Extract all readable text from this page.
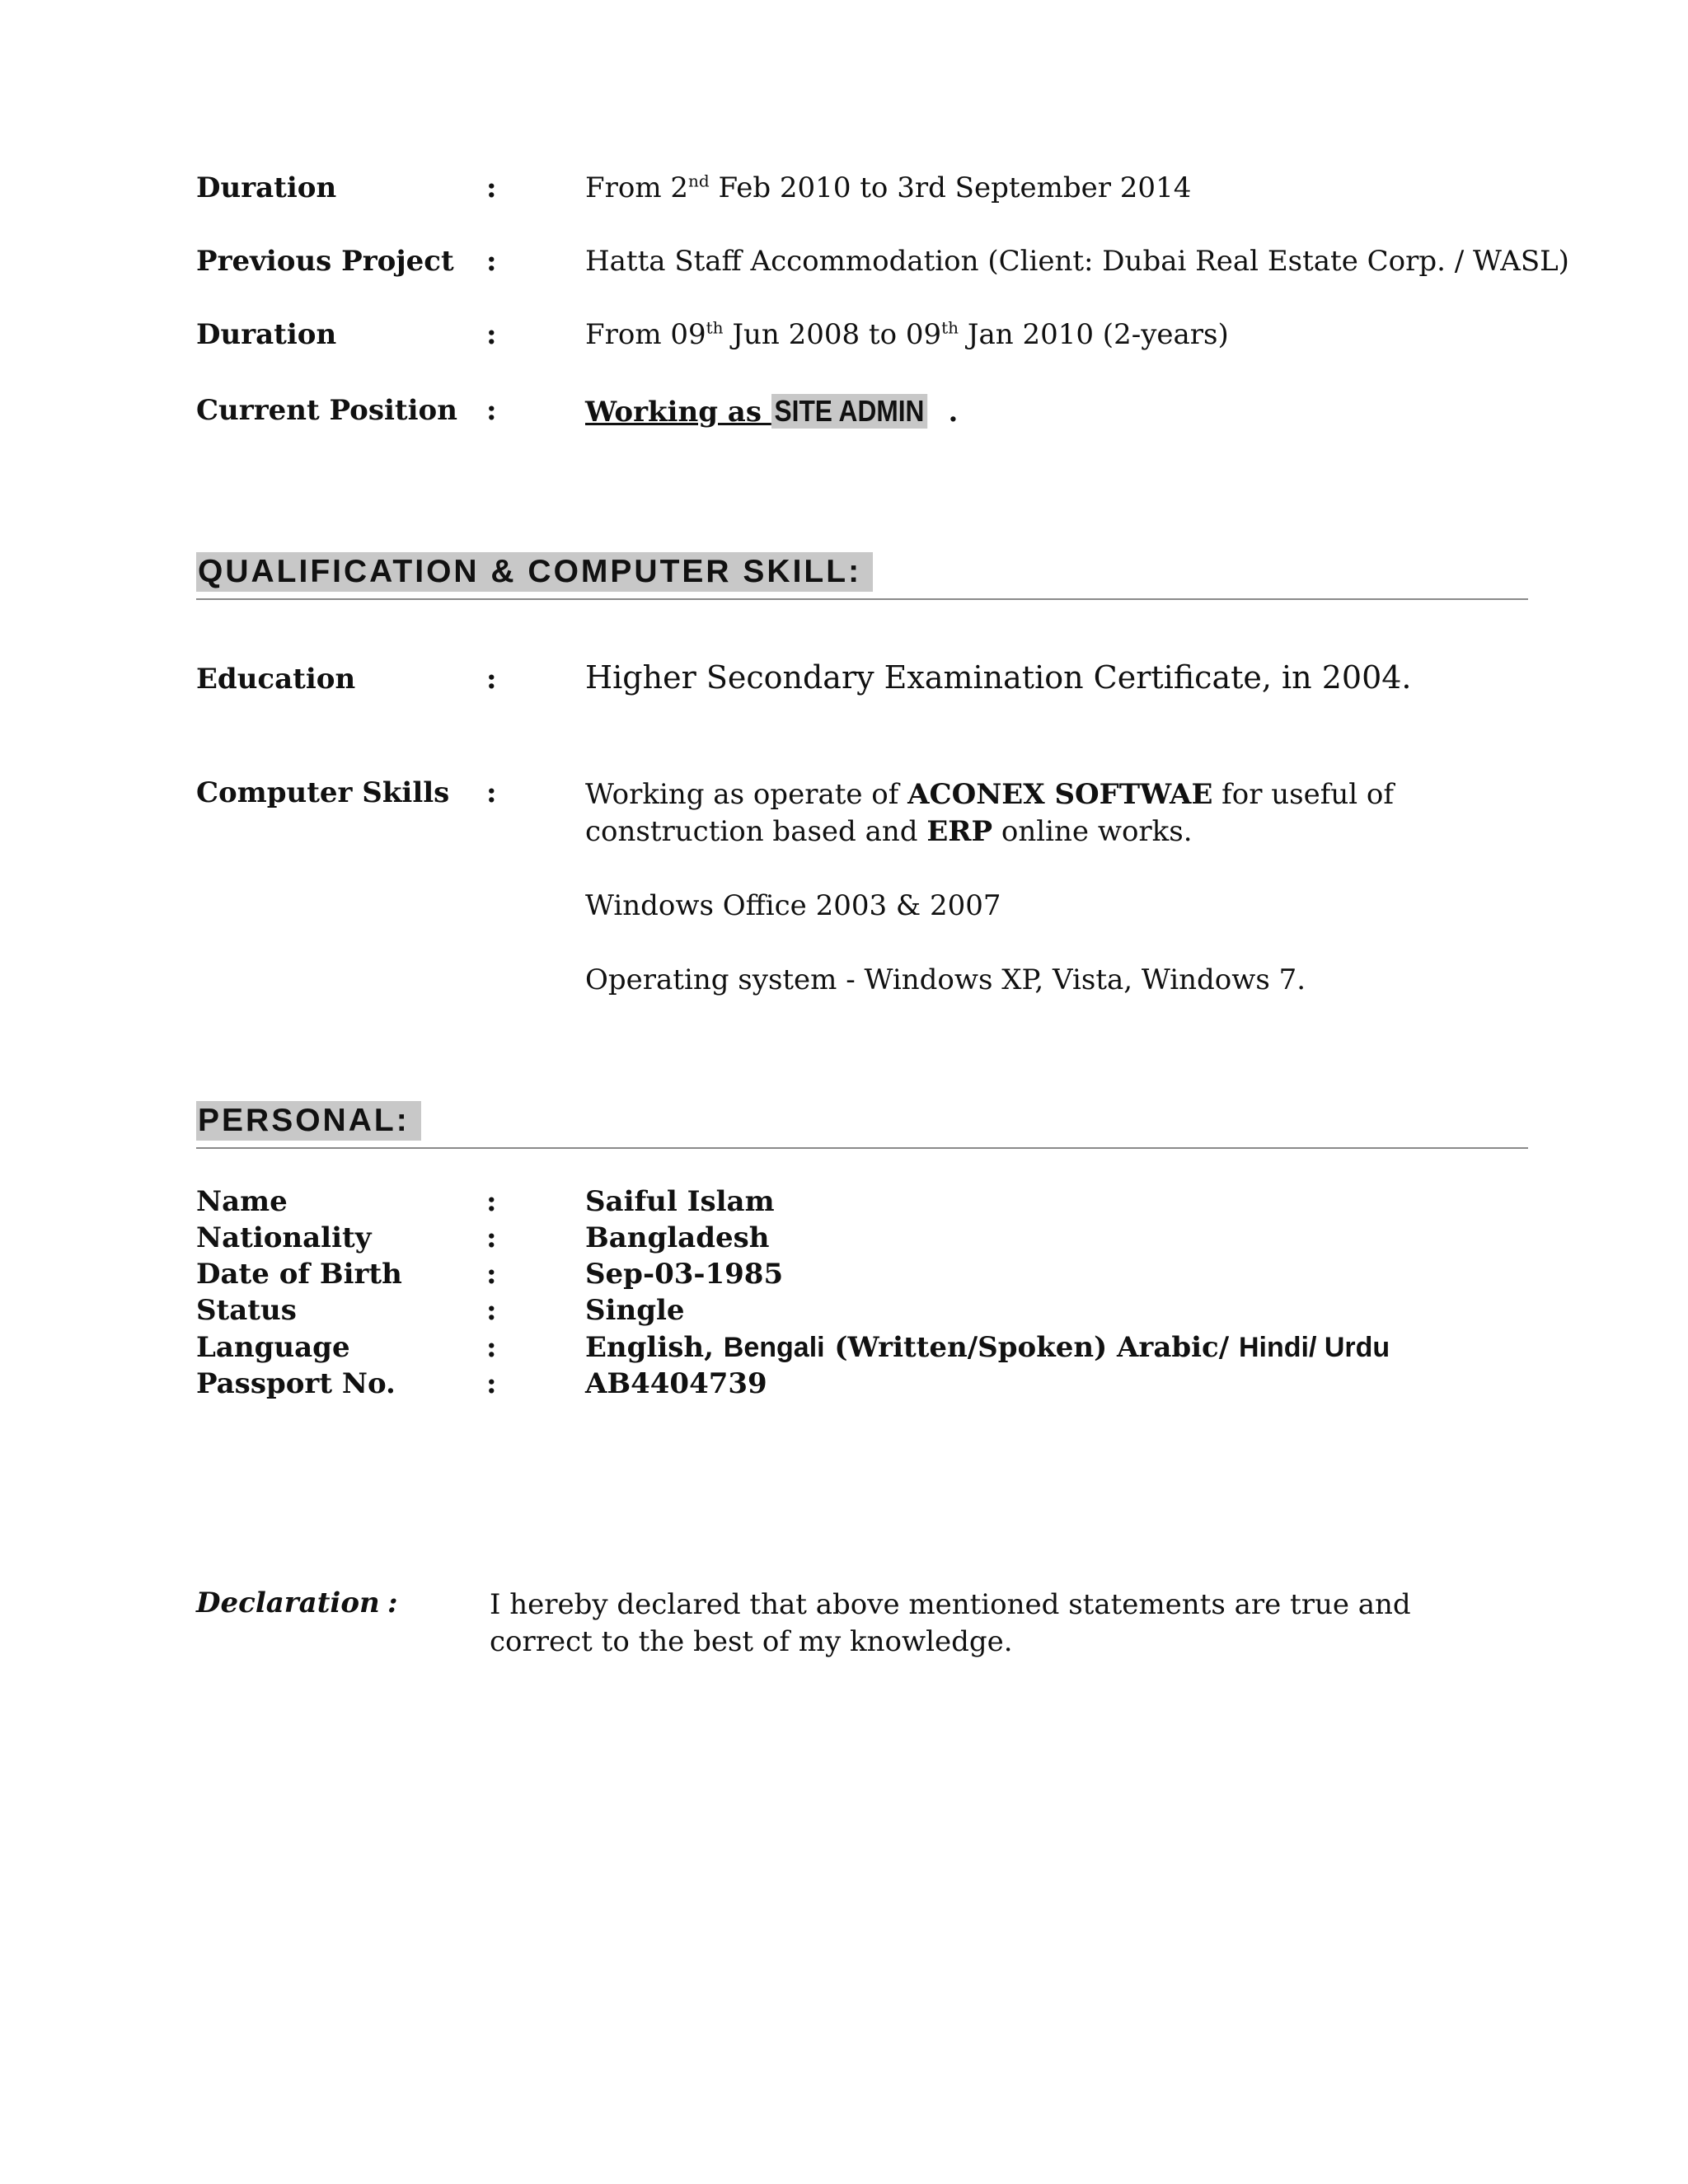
Duration	:	From 2nd Feb 2010 to 3rd September 2014
Previous Project :	Hatta Staff Accommodation (Client: Dubai Real Estate Corp. / WASL)
Duration	:	From 09th Jun 2008 to 09th Jan 2010 (2-years)
Current Position :	Working as SITE ADMIN .
QUALIFICATION & COMPUTER SKILL:
Education	:	Higher Secondary Examination Certificate, in 2004.
Computer Skills :	Working as operate of ACONEX SOFTWAE for useful of construction based and ERP online works.
Windows Office 2003 & 2007
Operating system - Windows XP, Vista, Windows 7.
PERSONAL:
Name	:	Saiful Islam
Nationality	:	Bangladesh
Date of Birth	:	Sep-03-1985
Status	:	Single
Language	:	English, Bengali (Written/Spoken) Arabic/ Hindi/ Urdu
Passport No.	:	AB4404739
Declaration :	I hereby declared that above mentioned statements are true and correct to the best of my knowledge.
